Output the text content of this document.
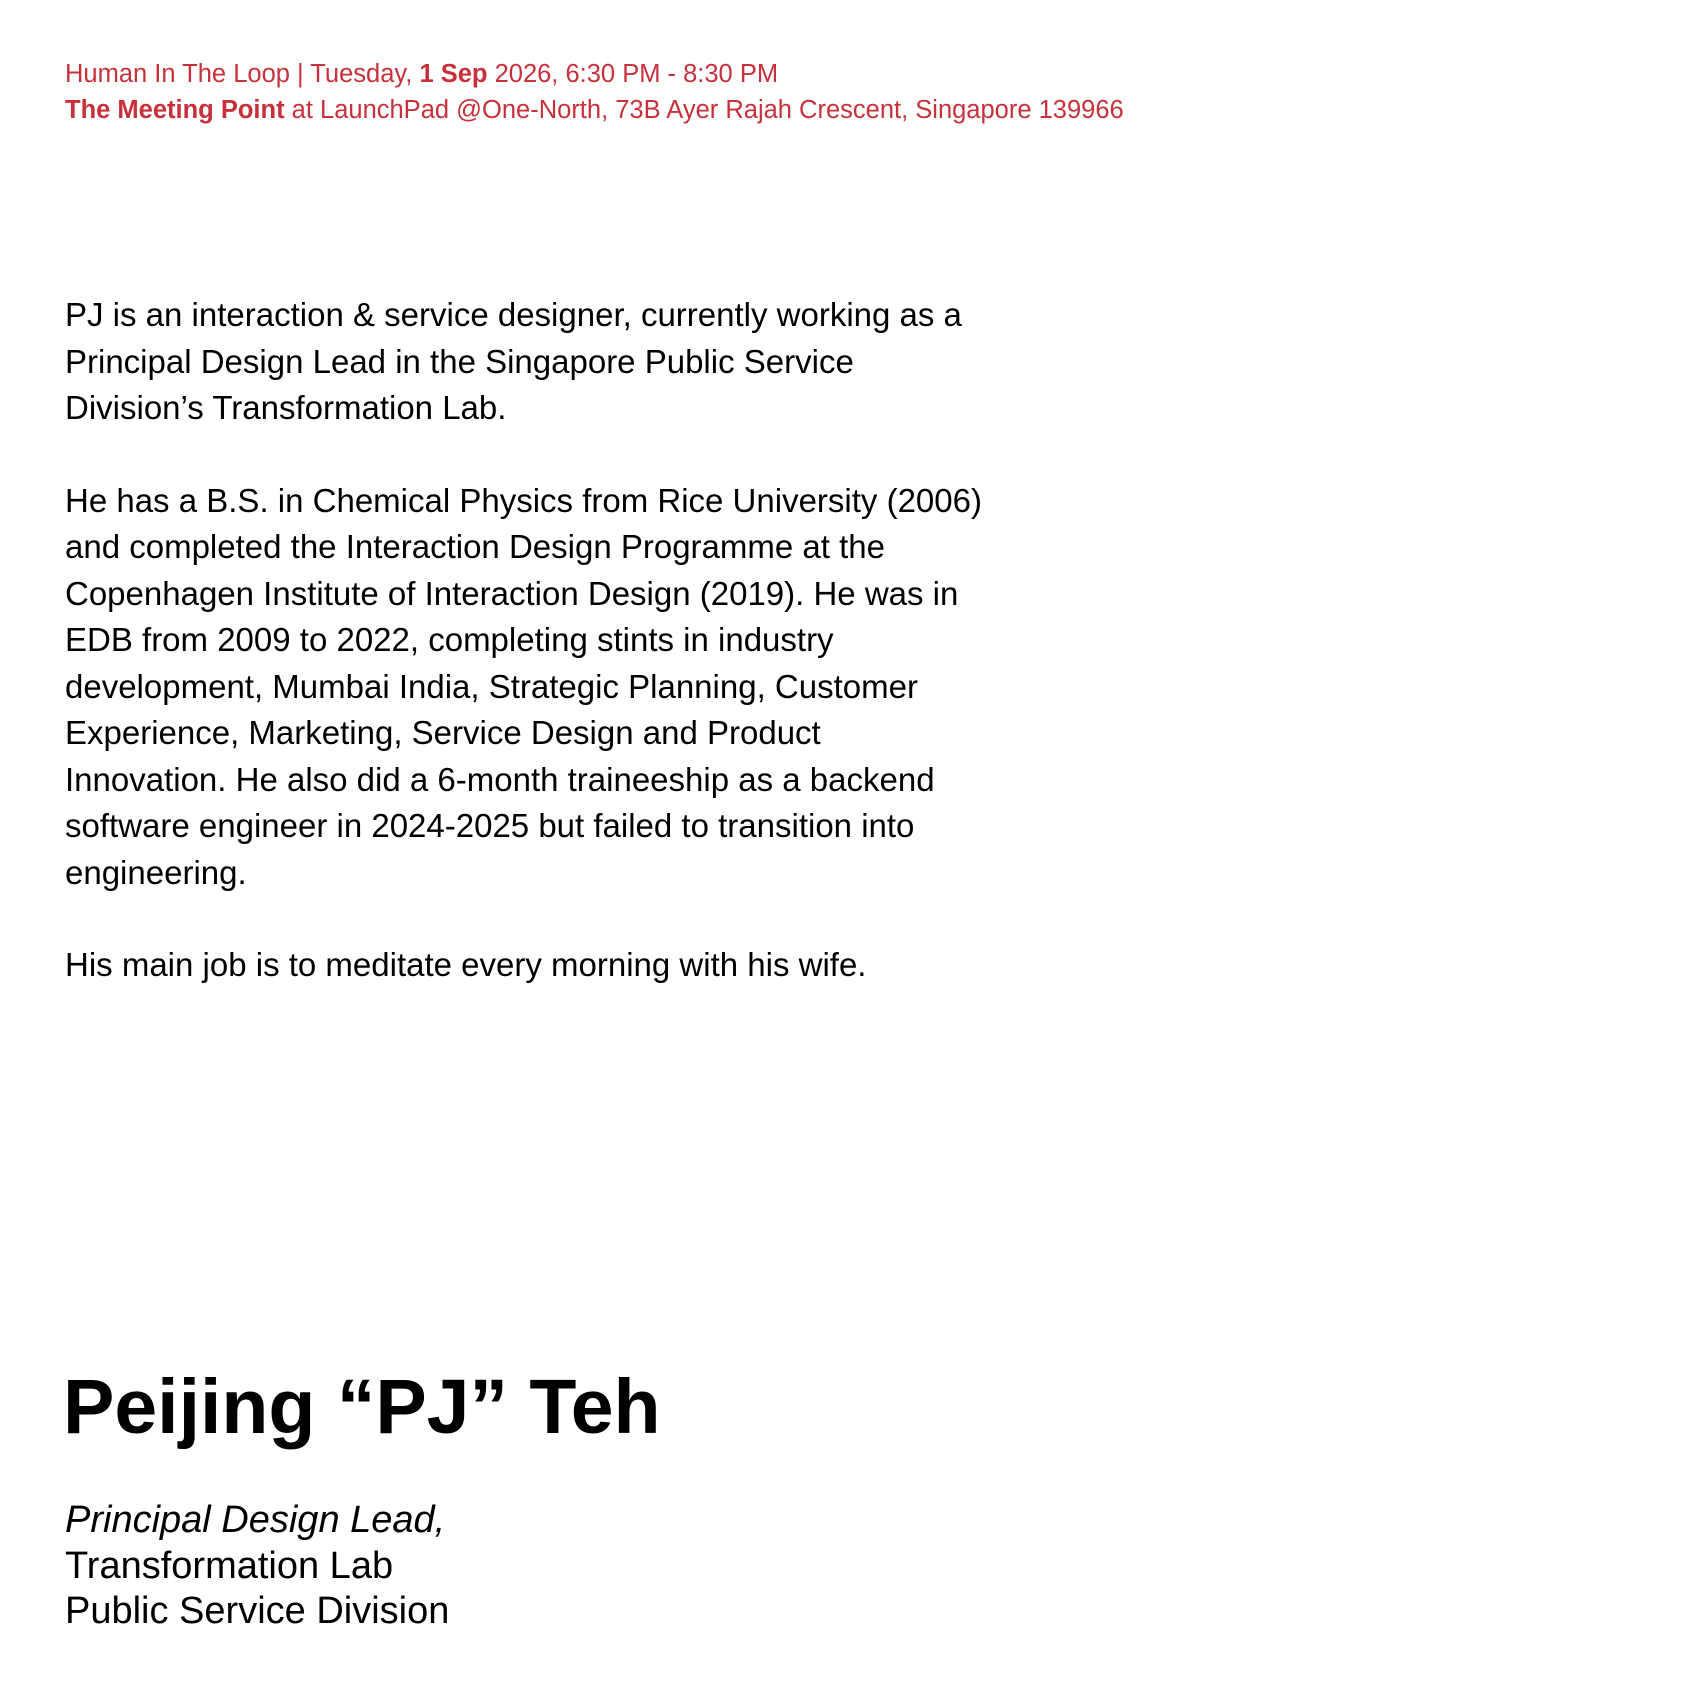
Human In The Loop | Tuesday, 1 Sep 2026, 6:30 PM - 8:30 PM
The Meeting Point at LaunchPad @One-North, 73B Ayer Rajah Crescent, Singapore 139966

PJ is an interaction & service designer, currently working as a Principal Design Lead in the Singapore Public Service Division’s Transformation Lab.

He has a B.S. in Chemical Physics from Rice University (2006) and completed the Interaction Design Programme at the Copenhagen Institute of Interaction Design (2019). He was in EDB from 2009 to 2022, completing stints in industry development, Mumbai India, Strategic Planning, Customer Experience, Marketing, Service Design and Product Innovation. He also did a 6-month traineeship as a backend software engineer in 2024-2025 but failed to transition into engineering.

His main job is to meditate every morning with his wife.

Peijing “PJ” Teh
Principal Design Lead,
Transformation Lab
Public Service Division
